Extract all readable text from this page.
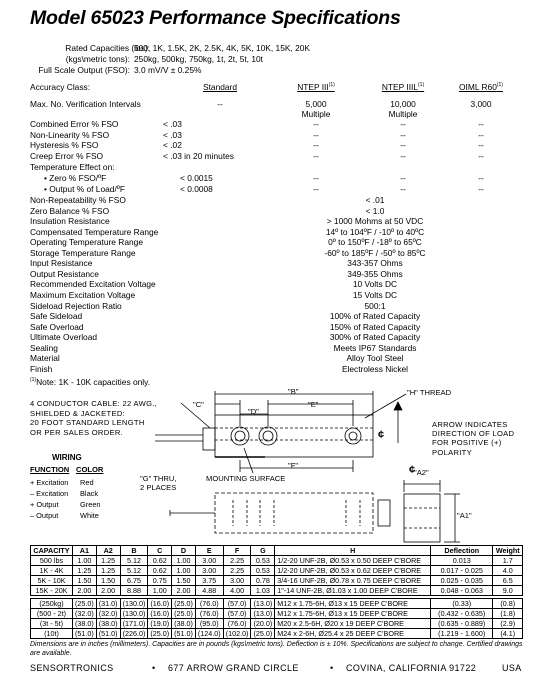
Model 65023 Performance Specifications
Rated Capacities (lbs):
500, 1K, 1.5K, 2K, 2.5K, 4K, 5K, 10K, 15K, 20K
(kgs\metric tons): 250kg, 500kg, 750kg, 1t, 2t, 5t, 10t
Full Scale Output (FSO): 3.0 mV/V ± 0.25%
Accuracy Class:	Standard	NTEP III$^{(1)}$	NTEP IIIL$^{(1)}$	OIML R60$^{(1)}$
Max. No. Verification Intervals	--	5,000	10,000	3,000
Multiple	Multiple
Combined Error % FSO	< .03	--	--	--
Non-Linearity % FSO	< .03	--	--	--
Hysteresis % FSO	< .02	--	--	--
Creep Error % FSO	< .03 in 20 minutes	--	--	--
Temperature Effect on:
• Zero % FSO/ºF	< 0.0015	--	--	--
• Output % of Load/ºF	< 0.0008	--	--	--
Non-Repeatability % FSO	< .01
Zero Balance % FSO	< 1.0
Insulation Resistance	> 1000 Mohms at 50 VDC
Compensated Temperature Range	14º to 104ºF / -10º to 40ºC
Operating Temperature Range	0º to 150ºF / -18º to 65ºC
Storage Temperature Range	-60º to 185ºF / -50º to 85ºC
Input Resistance	343-357 Ohms
Output Resistance	349-355 Ohms
Recommended Excitation Voltage	10 Volts DC
Maximum Excitation Voltage	15 Volts DC
Sideload Rejection Ratio	500:1
Safe Sideload	100% of Rated Capacity
Safe Overload	150% of Rated Capacity
Ultimate Overload	300% of Rated Capacity
Sealing	Meets IP67 Standards
Material	Alloy Tool Steel
Finish	Electroless Nickel
$^{(1)}$Note: 1K - 10K capacities only.
4 CONDUCTOR CABLE: 22 AWG.,
SHIELDED & JACKETED:
20 FOOT STANDARD LENGTH
OR PER SALES ORDER.
"B"
"C"
"D"
"E"
"F"
"H" THREAD
"G" THRU,
2 PLACES
MOUNTING SURFACE
ARROW INDICATES
DIRECTION OF LOAD
FOR POSITIVE (+)
POLARITY
"A2"
"A1"
¢
¢
WIRING
FUNCTION COLOR
+ Excitation Red
– Excitation Black
+ Output	Green
– Output	White
CAPACITY	A1	A2	B	C	D	E	F	G	H	Deflection	Weight
500 lbs	1.00	1.25	5.12	0.62	1.00	3.00	2.25	0.53	1/2-20 UNF-2B, Ø0.53 x 0.50 DEEP C'BORE	0.013	1.7
1K - 4K	1.25	1.25	5.12	0.62	1.00	3.00	2.25	0.53	1/2-20 UNF-2B, Ø0.53 x 0.62 DEEP C'BORE	0.017 - 0.025	4.0
5K - 10K	1.50	1.50	6.75	0.75	1.50	3.75	3.00	0.78	3/4-16 UNF-2B, Ø0.78 x 0.75 DEEP C'BORE	0.025 - 0.035	6.5
15K - 20K	2.00	2.00	8.88	1.00	2.00	4.88	4.00	1.03	1"-14 UNF-2B, Ø1.03 x 1.00 DEEP C'BORE	0.048 - 0.063	9.0

(250kg)	(25.0)	(31.0)	(130.0)	(16.0)	(25.0)	(76.0)	(57.0)	(13.0)	M12 x 1.75-6H, Ø13 x 15 DEEP C'BORE	(0.33)	(0.8)
(500 - 2t)	(32.0)	(32.0)	(130.0)	(16.0)	(25.0)	(76.0)	(57.0)	(13.0)	M12 x 1.75-6H, Ø13 x 15 DEEP C'BORE	(0.432 - 0.635)	(1.8)
(3t - 5t)	(38.0)	(38.0)	(171.0)	(19.0)	(38.0)	(95.0)	(76.0)	(20.0)	M20 x 2.5-6H, Ø20 x 19 DEEP C'BORE	(0.635 - 0.889)	(2.9)
(10t)	(51.0)	(51.0)	(226.0)	(25.0)	(51.0)	(124.0)	(102.0)	(25.0)	M24 x 2-6H, Ø25.4 x 25 DEEP C'BORE	(1.219 - 1.600)	(4.1)
Dimensions are in inches (millimeters). Capacities are in pounds (kgs\metric tons). Deflection is ± 10%. Specifications are subject to change. Certified drawings are available.
SENSORTRONICS	• 677 ARROW GRAND CIRCLE	• COVINA, CALIFORNIA 91722	USA
